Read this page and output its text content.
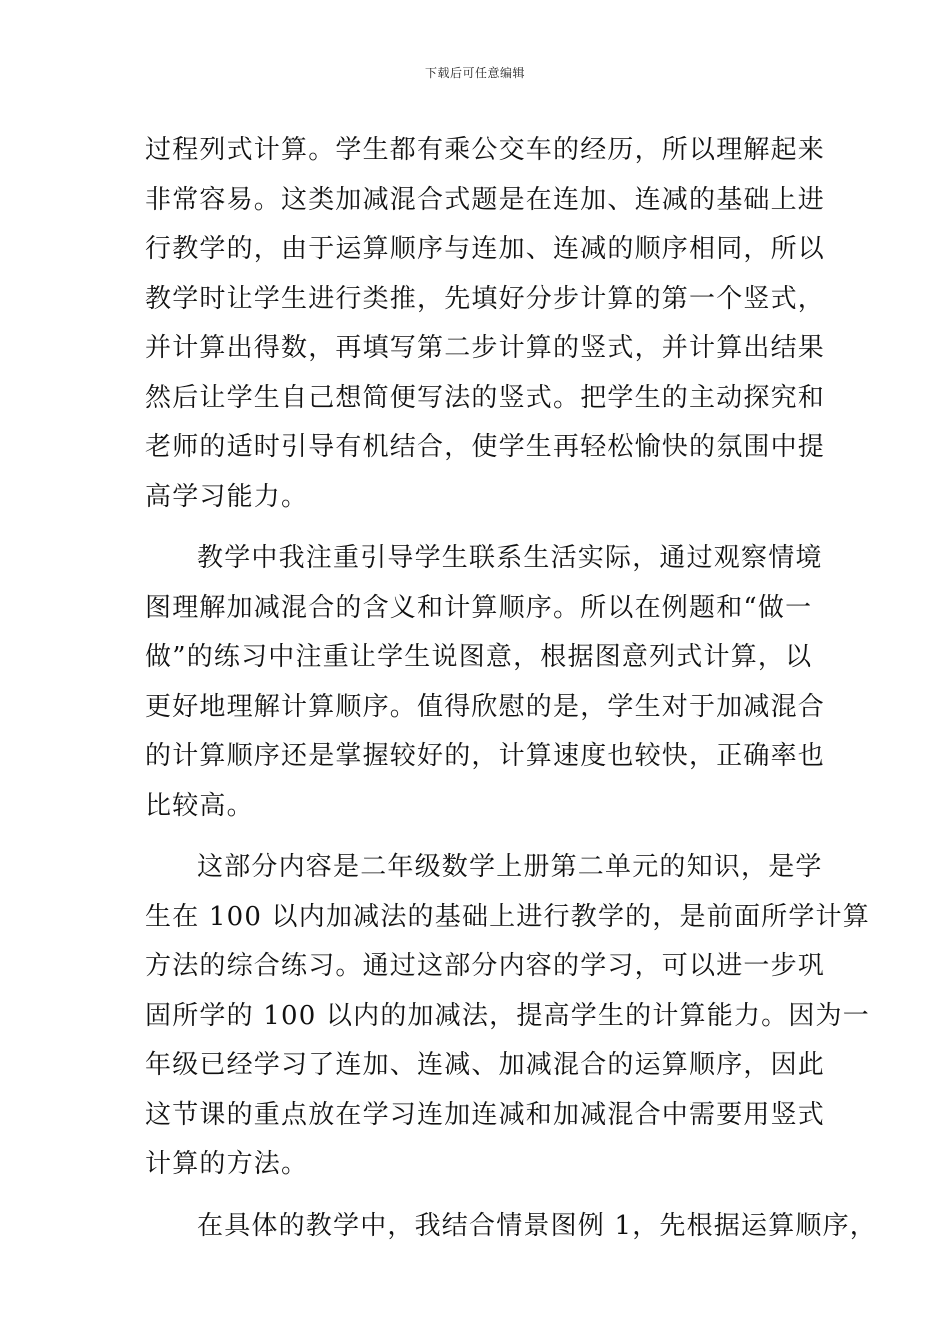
下载后可任意编辑
过程列式计算。学生都有乘公交车的经历，所以理解起来
非常容易。这类加减混合式题是在连加、连减的基础上进
行教学的，由于运算顺序与连加、连减的顺序相同，所以
教学时让学生进行类推，先填好分步计算的第一个竖式，
并计算出得数，再填写第二步计算的竖式，并计算出结果
然后让学生自己想简便写法的竖式。把学生的主动探究和
老师的适时引导有机结合，使学生再轻松愉快的氛围中提
高学习能力。
教学中我注重引导学生联系生活实际，通过观察情境
图理解加减混合的含义和计算顺序。所以在例题和“做一
做”的练习中注重让学生说图意，根据图意列式计算，以
更好地理解计算顺序。值得欣慰的是，学生对于加减混合
的计算顺序还是掌握较好的，计算速度也较快，正确率也
比较高。
这部分内容是二年级数学上册第二单元的知识，是学
生在 100 以内加减法的基础上进行教学的，是前面所学计算
方法的综合练习。通过这部分内容的学习，可以进一步巩
固所学的 100 以内的加减法，提高学生的计算能力。因为一
年级已经学习了连加、连减、加减混合的运算顺序，因此
这节课的重点放在学习连加连减和加减混合中需要用竖式
计算的方法。
在具体的教学中，我结合情景图例 1，先根据运算顺序，
